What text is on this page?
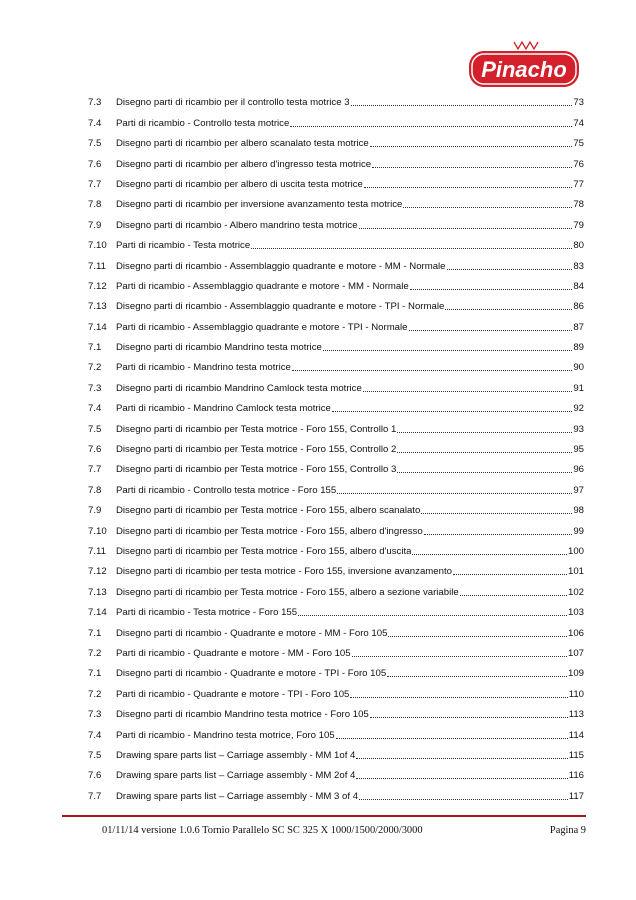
Pinacho
7.3	Disegno parti di ricambio per il controllo testa motrice 3	73
7.4	Parti di ricambio - Controllo testa motrice	74
7.5	Disegno parti di ricambio per albero scanalato testa motrice	75
7.6	Disegno parti di ricambio per albero d'ingresso testa motrice	76
7.7	Disegno parti di ricambio per albero di uscita testa motrice	77
7.8	Disegno parti di ricambio per inversione avanzamento testa motrice	78
7.9	Disegno parti di ricambio - Albero mandrino testa motrice	79
7.10 Parti di ricambio - Testa motrice	80
7.11	Disegno parti di ricambio - Assemblaggio quadrante e motore - MM - Normale	83
7.12 Parti di ricambio - Assemblaggio quadrante e motore - MM - Normale	84
7.13 Disegno parti di ricambio - Assemblaggio quadrante e motore - TPI - Normale	86
7.14 Parti di ricambio - Assemblaggio quadrante e motore - TPI - Normale	87
7.1	Disegno parti di ricambio Mandrino testa motrice	89
7.2	Parti di ricambio - Mandrino testa motrice	90
7.3	Disegno parti di ricambio Mandrino Camlock testa motrice	91
7.4	Parti di ricambio - Mandrino Camlock testa motrice	92
7.5	Disegno parti di ricambio per Testa motrice - Foro 155, Controllo 1	93
7.6	Disegno parti di ricambio per Testa motrice - Foro 155, Controllo 2	95
7.7	Disegno parti di ricambio per Testa motrice - Foro 155, Controllo 3	96
7.8	Parti di ricambio - Controllo testa motrice - Foro 155	97
7.9	Disegno parti di ricambio per Testa motrice - Foro 155, albero scanalato	98
7.10 Disegno parti di ricambio per Testa motrice - Foro 155, albero d'ingresso	99
7.11	Disegno parti di ricambio per Testa motrice - Foro 155, albero d'uscita	100
7.12 Disegno parti di ricambio per testa motrice - Foro 155, inversione avanzamento	101
7.13 Disegno parti di ricambio per Testa motrice - Foro 155, albero a sezione variabile	102
7.14 Parti di ricambio - Testa motrice - Foro 155	103
7.1	Disegno parti di ricambio - Quadrante e motore - MM - Foro 105	106
7.2	Parti di ricambio - Quadrante e motore - MM - Foro 105	107
7.1	Disegno parti di ricambio - Quadrante e motore - TPI - Foro 105	109
7.2	Parti di ricambio - Quadrante e motore - TPI - Foro 105	110
7.3	Disegno parti di ricambio Mandrino testa motrice - Foro 105	113
7.4	Parti di ricambio - Mandrino testa motrice, Foro 105	114
7.5	Drawing spare parts list – Carriage assembly - MM 1of 4	115
7.6	Drawing spare parts list – Carriage assembly - MM 2of 4	116
7.7	Drawing spare parts list – Carriage assembly - MM 3 of 4	117
01/11/14 versione 1.0.6 Tornio Parallelo SC SC 325 X 1000/1500/2000/3000	Pagina 9
